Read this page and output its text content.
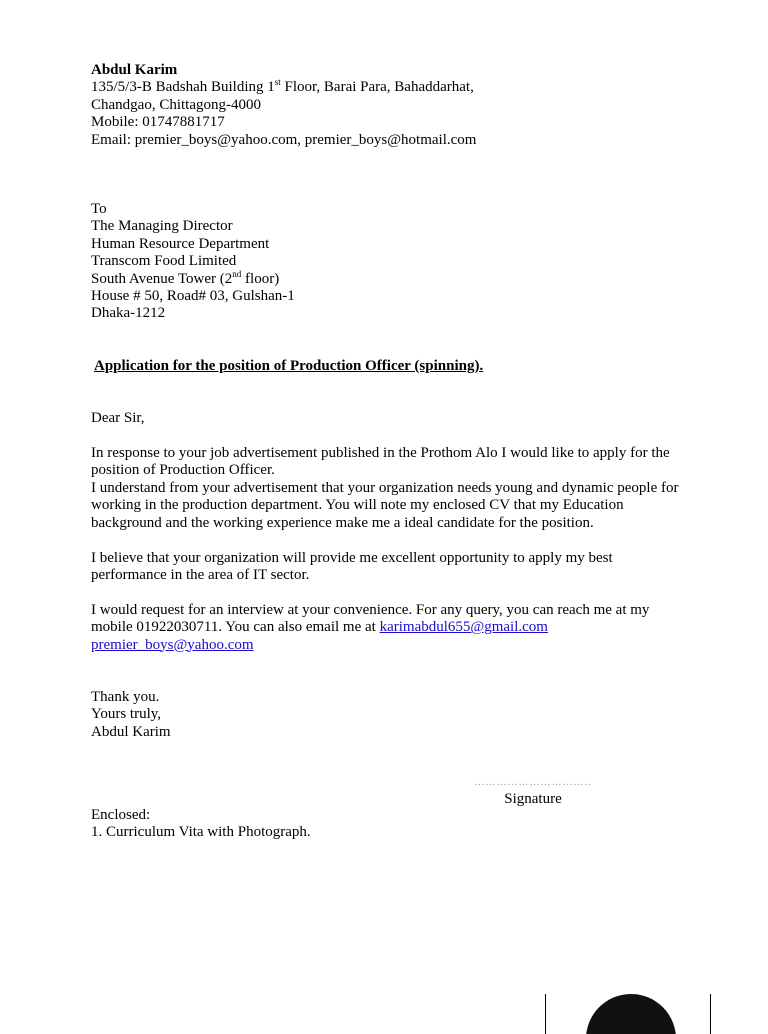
Abdul Karim
135/5/3-B Badshah Building 1st Floor, Barai Para, Bahaddarhat,
Chandgao, Chittagong-4000
Mobile: 01747881717
Email: premier_boys@yahoo.com, premier_boys@hotmail.com
To
The Managing Director
Human Resource Department
Transcom Food Limited
South Avenue Tower (2nd floor)
House # 50, Road# 03, Gulshan-1
Dhaka-1212
Application for the position of Production Officer (spinning).
Dear Sir,
In response to your job advertisement published in the Prothom Alo I would like to apply for the position of Production Officer.
I understand from your advertisement that your organization needs young and dynamic people for working in the production department. You will note my enclosed CV that my Education background and the working experience make me a ideal candidate for the position.
I believe that your organization will provide me excellent opportunity to apply my best performance in the area of IT sector.
I would request for an interview at your convenience. For any query, you can reach me at my mobile 01922030711. You can also email me at karimabdul655@gmail.com
premier_boys@yahoo.com
Thank you.
Yours truly,
Abdul Karim
…………………………..
Signature
Enclosed:
1. Curriculum Vita with Photograph.
